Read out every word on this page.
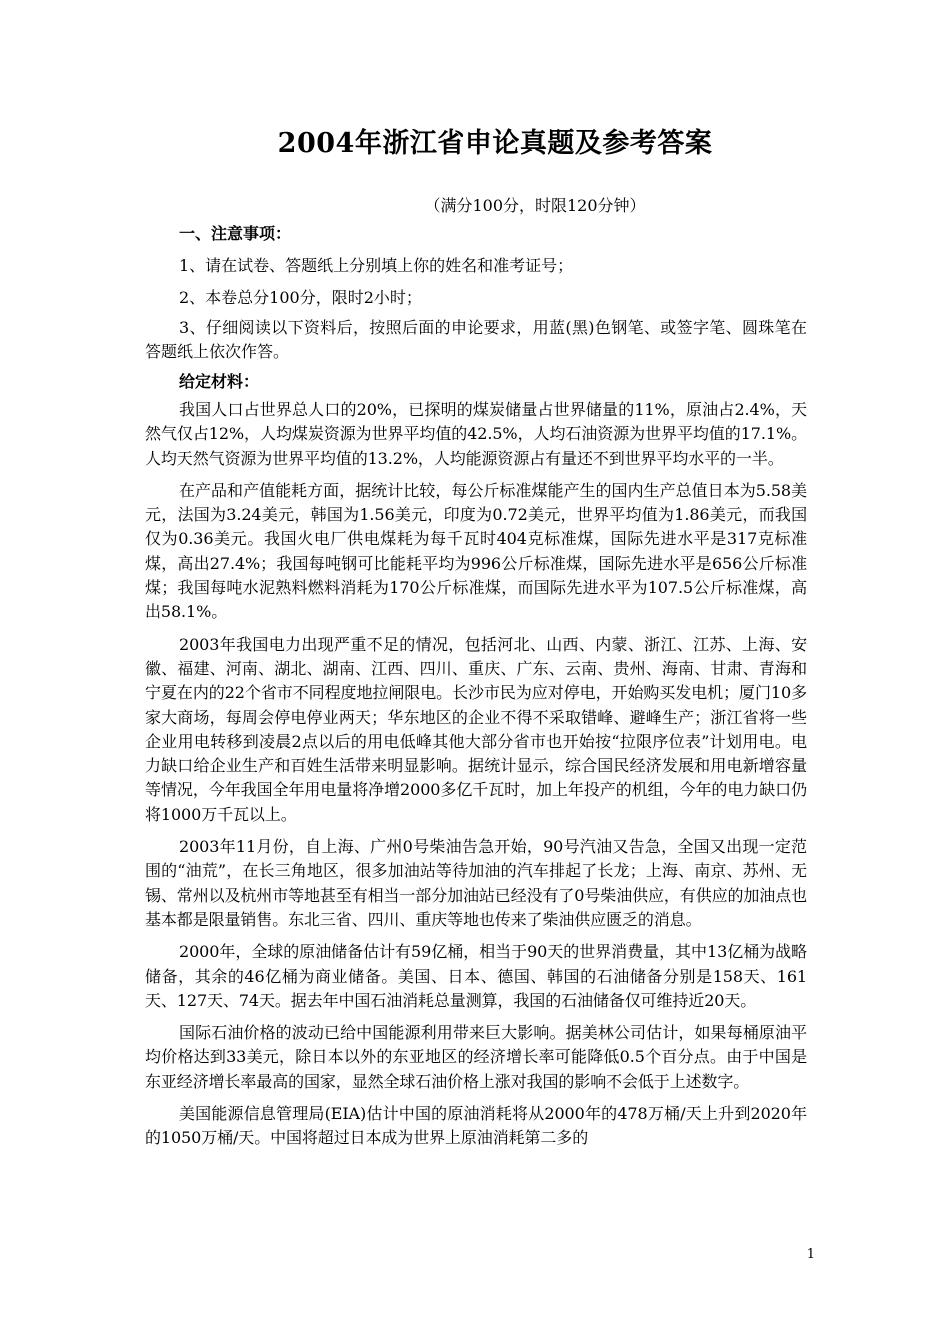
2004年浙江省申论真题及参考答案

（满分100分，时限120分钟）

一、注意事项：

1、请在试卷、答题纸上分别填上你的姓名和准考证号；

2、本卷总分100分，限时2小时；

3、仔细阅读以下资料后，按照后面的申论要求，用蓝(黑)色钢笔、或签字笔、圆珠笔在答题纸上依次作答。

给定材料：

我国人口占世界总人口的20%，已探明的煤炭储量占世界储量的11%，原油占2.4%，天然气仅占12%，人均煤炭资源为世界平均值的42.5%，人均石油资源为世界平均值的17.1%。人均天然气资源为世界平均值的13.2%，人均能源资源占有量还不到世界平均水平的一半。

在产品和产值能耗方面，据统计比较，每公斤标准煤能产生的国内生产总值日本为5.58美元，法国为3.24美元，韩国为1.56美元，印度为0.72美元，世界平均值为1.86美元，而我国仅为0.36美元。我国火电厂供电煤耗为每千瓦时404克标准煤，国际先进水平是317克标准煤，高出27.4%；我国每吨钢可比能耗平均为996公斤标准煤，国际先进水平是656公斤标准煤；我国每吨水泥熟料燃料消耗为170公斤标准煤，而国际先进水平为107.5公斤标准煤，高出58.1%。

2003年我国电力出现严重不足的情况，包括河北、山西、内蒙、浙江、江苏、上海、安徽、福建、河南、湖北、湖南、江西、四川、重庆、广东、云南、贵州、海南、甘肃、青海和宁夏在内的22个省市不同程度地拉闸限电。长沙市民为应对停电，开始购买发电机；厦门10多家大商场，每周会停电停业两天；华东地区的企业不得不采取错峰、避峰生产；浙江省将一些企业用电转移到凌晨2点以后的用电低峰其他大部分省市也开始按“拉限序位表”计划用电。电力缺口给企业生产和百姓生活带来明显影响。据统计显示，综合国民经济发展和用电新增容量等情况，今年我国全年用电量将净增2000多亿千瓦时，加上年投产的机组，今年的电力缺口仍将1000万千瓦以上。

2003年11月份，自上海、广州0号柴油告急开始，90号汽油又告急，全国又出现一定范围的“油荒”，在长三角地区，很多加油站等待加油的汽车排起了长龙；上海、南京、苏州、无锡、常州以及杭州市等地甚至有相当一部分加油站已经没有了0号柴油供应，有供应的加油点也基本都是限量销售。东北三省、四川、重庆等地也传来了柴油供应匮乏的消息。

2000年，全球的原油储备估计有59亿桶，相当于90天的世界消费量，其中13亿桶为战略储备，其余的46亿桶为商业储备。美国、日本、德国、韩国的石油储备分别是158天、161天、127天、74天。据去年中国石油消耗总量测算，我国的石油储备仅可维持近20天。

国际石油价格的波动已给中国能源利用带来巨大影响。据美林公司估计，如果每桶原油平均价格达到33美元，除日本以外的东亚地区的经济增长率可能降低0.5个百分点。由于中国是东亚经济增长率最高的国家，显然全球石油价格上涨对我国的影响不会低于上述数字。

美国能源信息管理局(EIA)估计中国的原油消耗将从2000年的478万桶/天上升到2020年的1050万桶/天。中国将超过日本成为世界上原油消耗第二多的

1
